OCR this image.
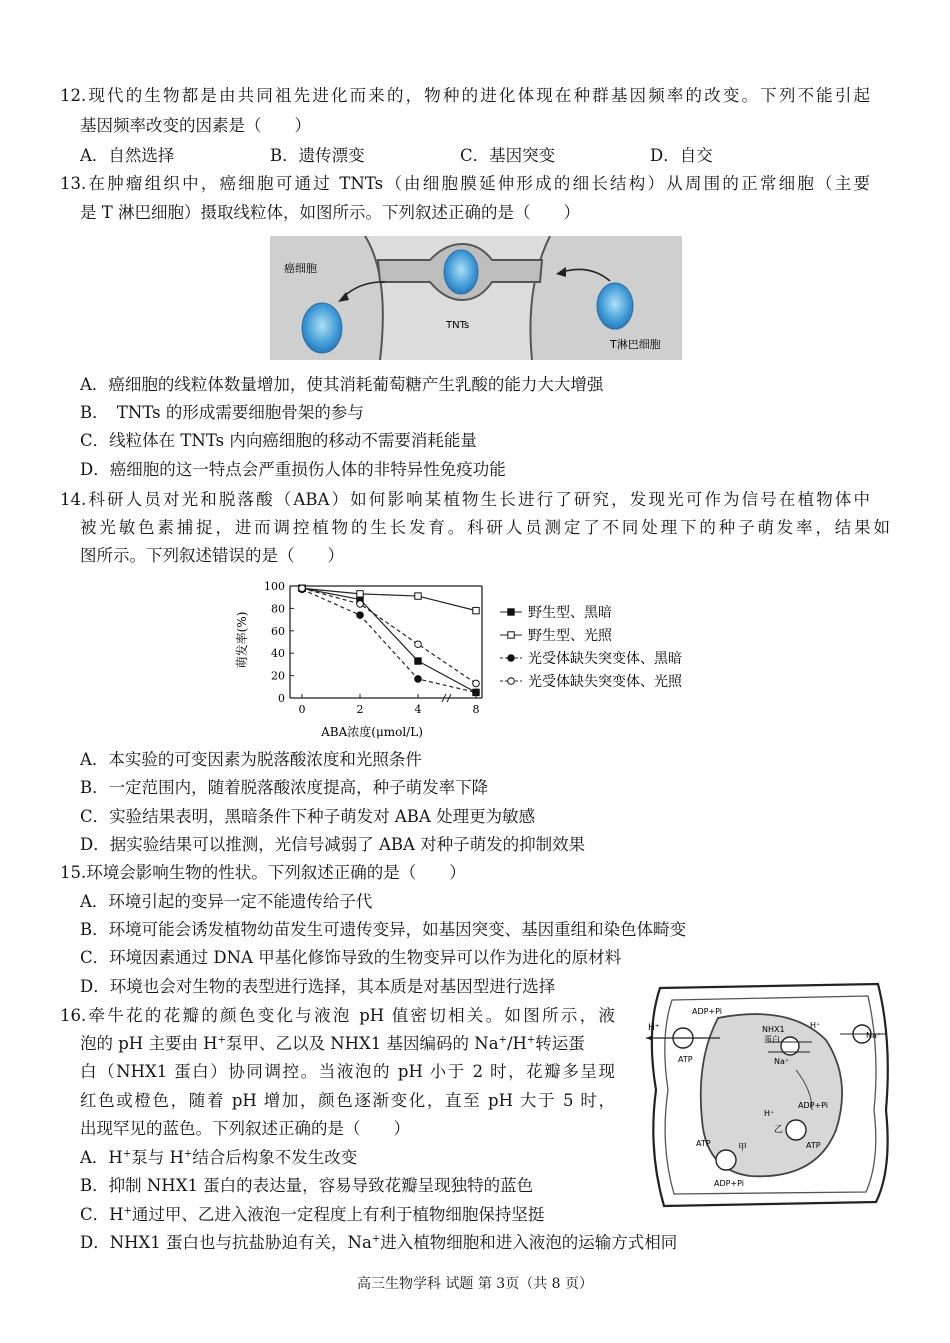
12.现代的生物都是由共同祖先进化而来的，物种的进化体现在种群基因频率的改变。下列不能引起
基因频率改变的因素是（　　）
A．自然选择	B．遗传漂变	C．基因突变	D．自交
13.在肿瘤组织中，癌细胞可通过 TNTs（由细胞膜延伸形成的细长结构）从周围的正常细胞（主要
是 T 淋巴细胞）摄取线粒体，如图所示。下列叙述正确的是（　　）
癌细胞
TNTs
T淋巴细胞
A．癌细胞的线粒体数量增加，使其消耗葡萄糖产生乳酸的能力大大增强
B．　TNTs 的形成需要细胞骨架的参与
C．线粒体在 TNTs 内向癌细胞的移动不需要消耗能量
D．癌细胞的这一特点会严重损伤人体的非特异性免疫功能
14.科研人员对光和脱落酸（ABA）如何影响某植物生长进行了研究，发现光可作为信号在植物体中
被光敏色素捕捉，进而调控植物的生长发育。科研人员测定了不同处理下的种子萌发率，结果如
图所示。下列叙述错误的是（　　）
0
20
40
60
80
100
0	2	4	8
野生型、黑暗
野生型、光照
光受体缺失突变体、黑暗
光受体缺失突变体、光照
ABA浓度(μmol/L)
萌发率(%)
A．本实验的可变因素为脱落酸浓度和光照条件
B．一定范围内，随着脱落酸浓度提高，种子萌发率下降
C．实验结果表明，黑暗条件下种子萌发对 ABA 处理更为敏感
D．据实验结果可以推测，光信号减弱了 ABA 对种子萌发的抑制效果
15.环境会影响生物的性状。下列叙述正确的是（　　）
A．环境引起的变异一定不能遗传给子代
B．环境可能会诱发植物幼苗发生可遗传变异，如基因突变、基因重组和染色体畸变
C．环境因素通过 DNA 甲基化修饰导致的生物变异可以作为进化的原材料
D．环境也会对生物的表型进行选择，其本质是对基因型进行选择
16.牵牛花的花瓣的颜色变化与液泡 pH 值密切相关。如图所示，液
泡的 pH 主要由 H+泵甲、乙以及 NHX1 基因编码的 Na+/H+转运蛋
白（NHX1 蛋白）协同调控。当液泡的 pH 小于 2 时，花瓣多呈现
红色或橙色，随着 pH 增加，颜色逐渐变化，直至 pH 大于 5 时，
出现罕见的蓝色。下列叙述正确的是（　　）
A．H+泵与 H+结合后构象不发生改变
B．抑制 NHX1 蛋白的表达量，容易导致花瓣呈现独特的蓝色
C．H+通过甲、乙进入液泡一定程度上有利于植物细胞保持坚挺
D．NHX1 蛋白也与抗盐胁迫有关，Na+进入植物细胞和进入液泡的运输方式相同
H⁺
ADP+Pi
ATP
NHX1
蛋白
H⁺
Na⁺
Na⁺
ADP+Pi
乙
H⁺
ATP
甲
ATP
ADP+Pi
高三生物学科 试题 第 3页（共 8 页）
